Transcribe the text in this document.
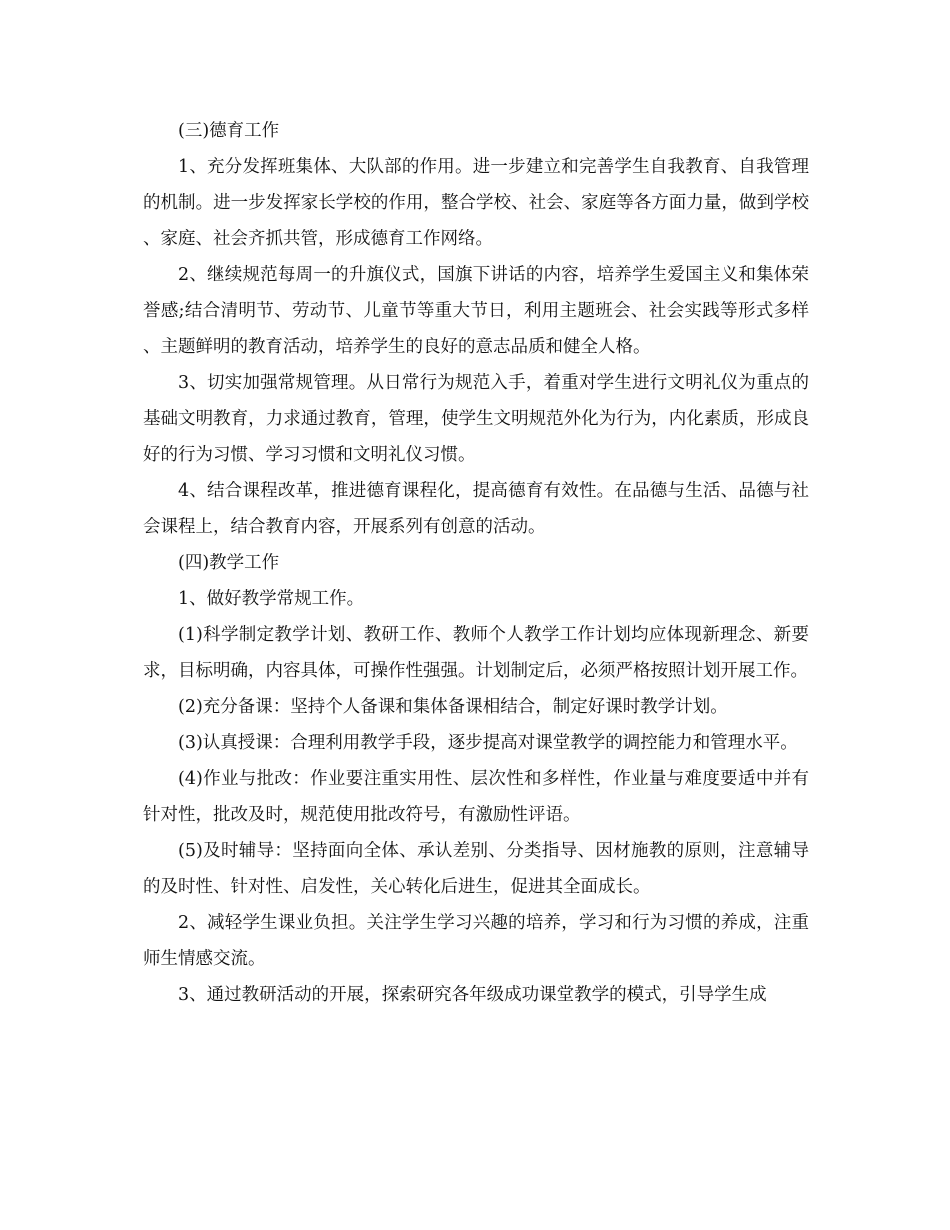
(三)德育工作

1、充分发挥班集体、大队部的作用。进一步建立和完善学生自我教育、自我管理的机制。进一步发挥家长学校的作用，整合学校、社会、家庭等各方面力量，做到学校、家庭、社会齐抓共管，形成德育工作网络。

2、继续规范每周一的升旗仪式，国旗下讲话的内容，培养学生爱国主义和集体荣誉感;结合清明节、劳动节、儿童节等重大节日，利用主题班会、社会实践等形式多样、主题鲜明的教育活动，培养学生的良好的意志品质和健全人格。

3、切实加强常规管理。从日常行为规范入手，着重对学生进行文明礼仪为重点的基础文明教育，力求通过教育，管理，使学生文明规范外化为行为，内化素质，形成良好的行为习惯、学习习惯和文明礼仪习惯。

4、结合课程改革，推进德育课程化，提高德育有效性。在品德与生活、品德与社会课程上，结合教育内容，开展系列有创意的活动。

(四)教学工作

1、做好教学常规工作。

(1)科学制定教学计划、教研工作、教师个人教学工作计划均应体现新理念、新要求，目标明确，内容具体，可操作性强强。计划制定后，必须严格按照计划开展工作。

(2)充分备课：坚持个人备课和集体备课相结合，制定好课时教学计划。

(3)认真授课：合理利用教学手段，逐步提高对课堂教学的调控能力和管理水平。

(4)作业与批改：作业要注重实用性、层次性和多样性，作业量与难度要适中并有针对性，批改及时，规范使用批改符号，有激励性评语。

(5)及时辅导：坚持面向全体、承认差别、分类指导、因材施教的原则，注意辅导的及时性、针对性、启发性，关心转化后进生，促进其全面成长。

2、减轻学生课业负担。关注学生学习兴趣的培养，学习和行为习惯的养成，注重师生情感交流。

3、通过教研活动的开展，探索研究各年级成功课堂教学的模式，引导学生成
